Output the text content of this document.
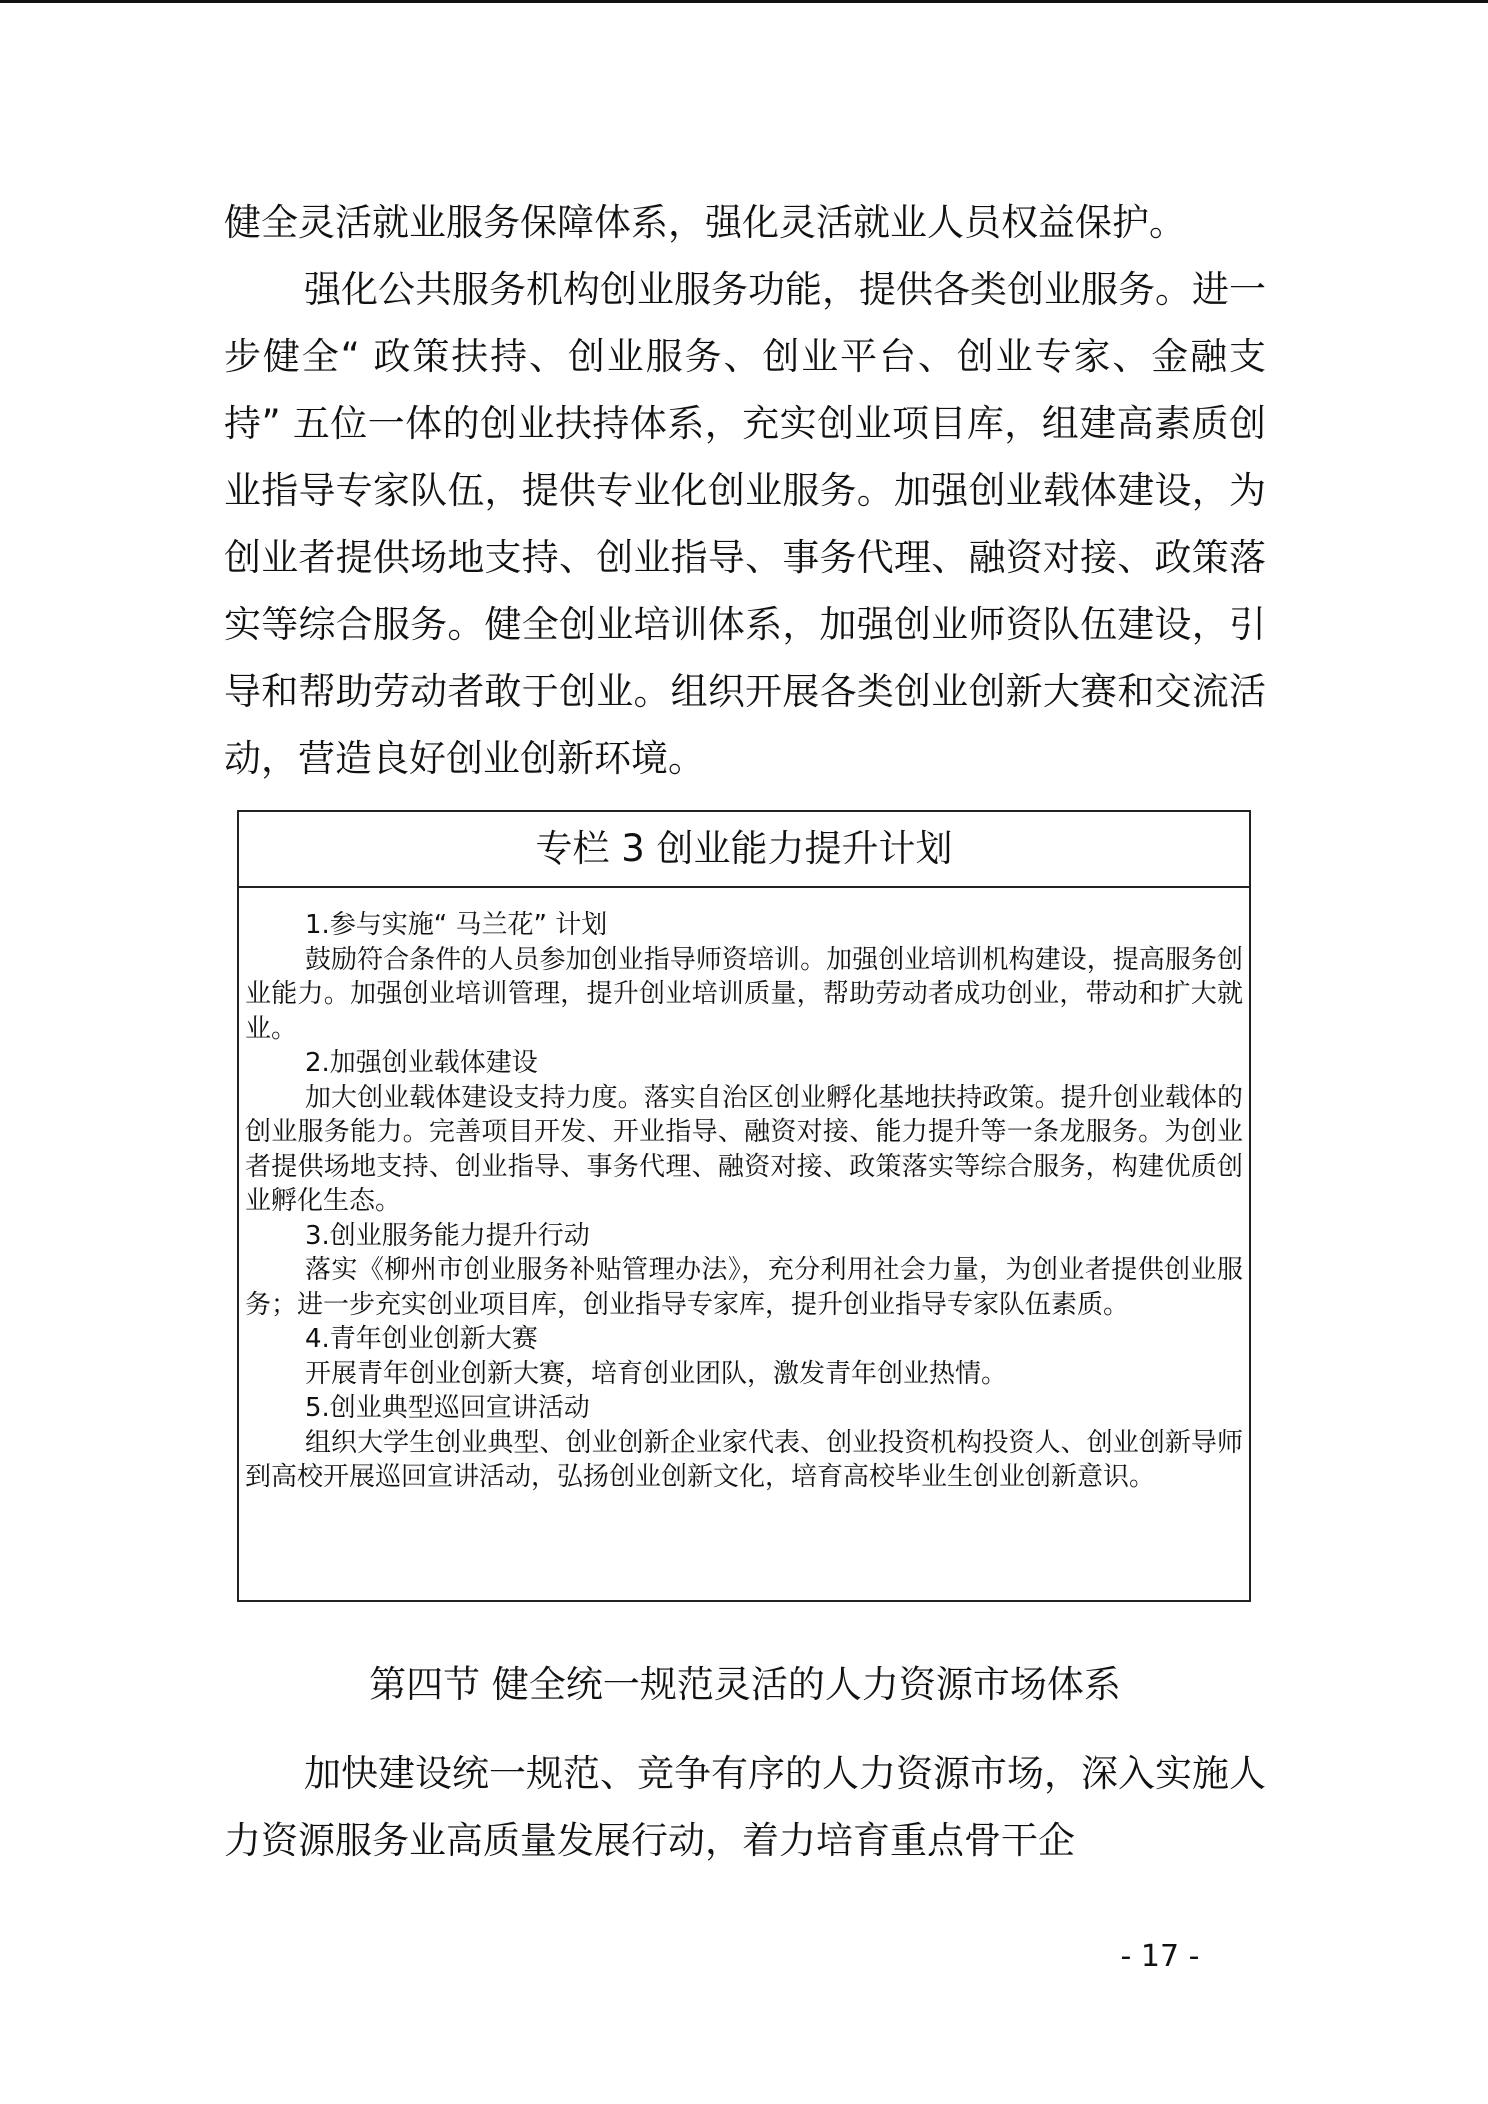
健全灵活就业服务保障体系，强化灵活就业人员权益保护。

强化公共服务机构创业服务功能，提供各类创业服务。进一步健全“ 政策扶持、创业服务、创业平台、创业专家、金融支持” 五位一体的创业扶持体系，充实创业项目库，组建高素质创业指导专家队伍，提供专业化创业服务。加强创业载体建设，为创业者提供场地支持、创业指导、事务代理、融资对接、政策落实等综合服务。健全创业培训体系，加强创业师资队伍建设，引导和帮助劳动者敢于创业。组织开展各类创业创新大赛和交流活动，营造良好创业创新环境。

专栏 3 创业能力提升计划

1.参与实施“ 马兰花” 计划

鼓励符合条件的人员参加创业指导师资培训。加强创业培训机构建设，提高服务创业能力。加强创业培训管理，提升创业培训质量，帮助劳动者成功创业，带动和扩大就业。

2.加强创业载体建设

加大创业载体建设支持力度。落实自治区创业孵化基地扶持政策。提升创业载体的创业服务能力。完善项目开发、开业指导、融资对接、能力提升等一条龙服务。为创业者提供场地支持、创业指导、事务代理、融资对接、政策落实等综合服务，构建优质创业孵化生态。

3.创业服务能力提升行动

落实《柳州市创业服务补贴管理办法》，充分利用社会力量，为创业者提供创业服务；进一步充实创业项目库，创业指导专家库，提升创业指导专家队伍素质。

4.青年创业创新大赛

开展青年创业创新大赛，培育创业团队，激发青年创业热情。

5.创业典型巡回宣讲活动

组织大学生创业典型、创业创新企业家代表、创业投资机构投资人、创业创新导师到高校开展巡回宣讲活动，弘扬创业创新文化，培育高校毕业生创业创新意识。

第四节 健全统一规范灵活的人力资源市场体系

加快建设统一规范、竞争有序的人力资源市场，深入实施人力资源服务业高质量发展行动，着力培育重点骨干企

- 17 -
